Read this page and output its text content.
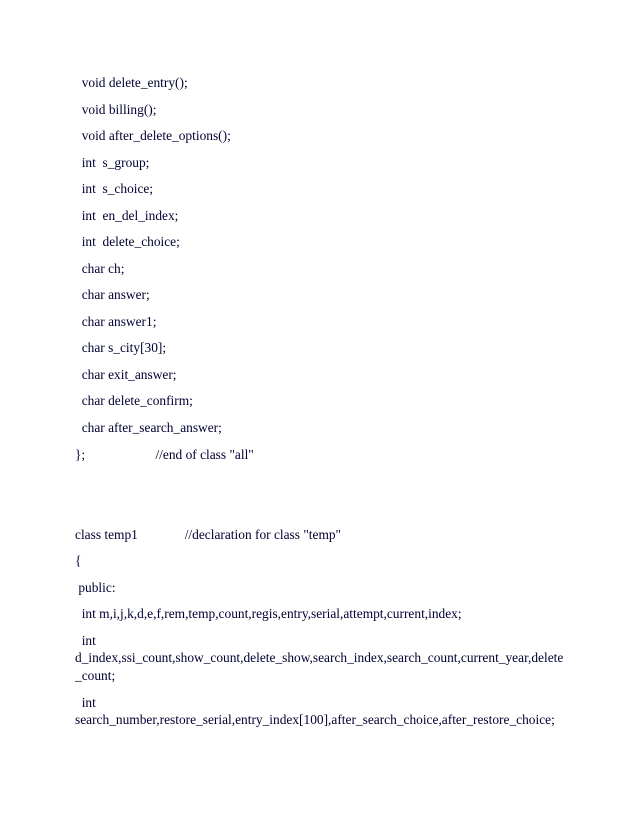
void delete_entry();
void billing();
void after_delete_options();
int  s_group;
int  s_choice;
int  en_del_index;
int  delete_choice;
char ch;
char answer;
char answer1;
char s_city[30];
char exit_answer;
char delete_confirm;
char after_search_answer;
};                     //end of class "all"
class temp1              //declaration for class "temp"
{
public:
int m,i,j,k,d,e,f,rem,temp,count,regis,entry,serial,attempt,current,index;
int
d_index,ssi_count,show_count,delete_show,search_index,search_count,current_year,delete_count;
int
search_number,restore_serial,entry_index[100],after_search_choice,after_restore_choice;
